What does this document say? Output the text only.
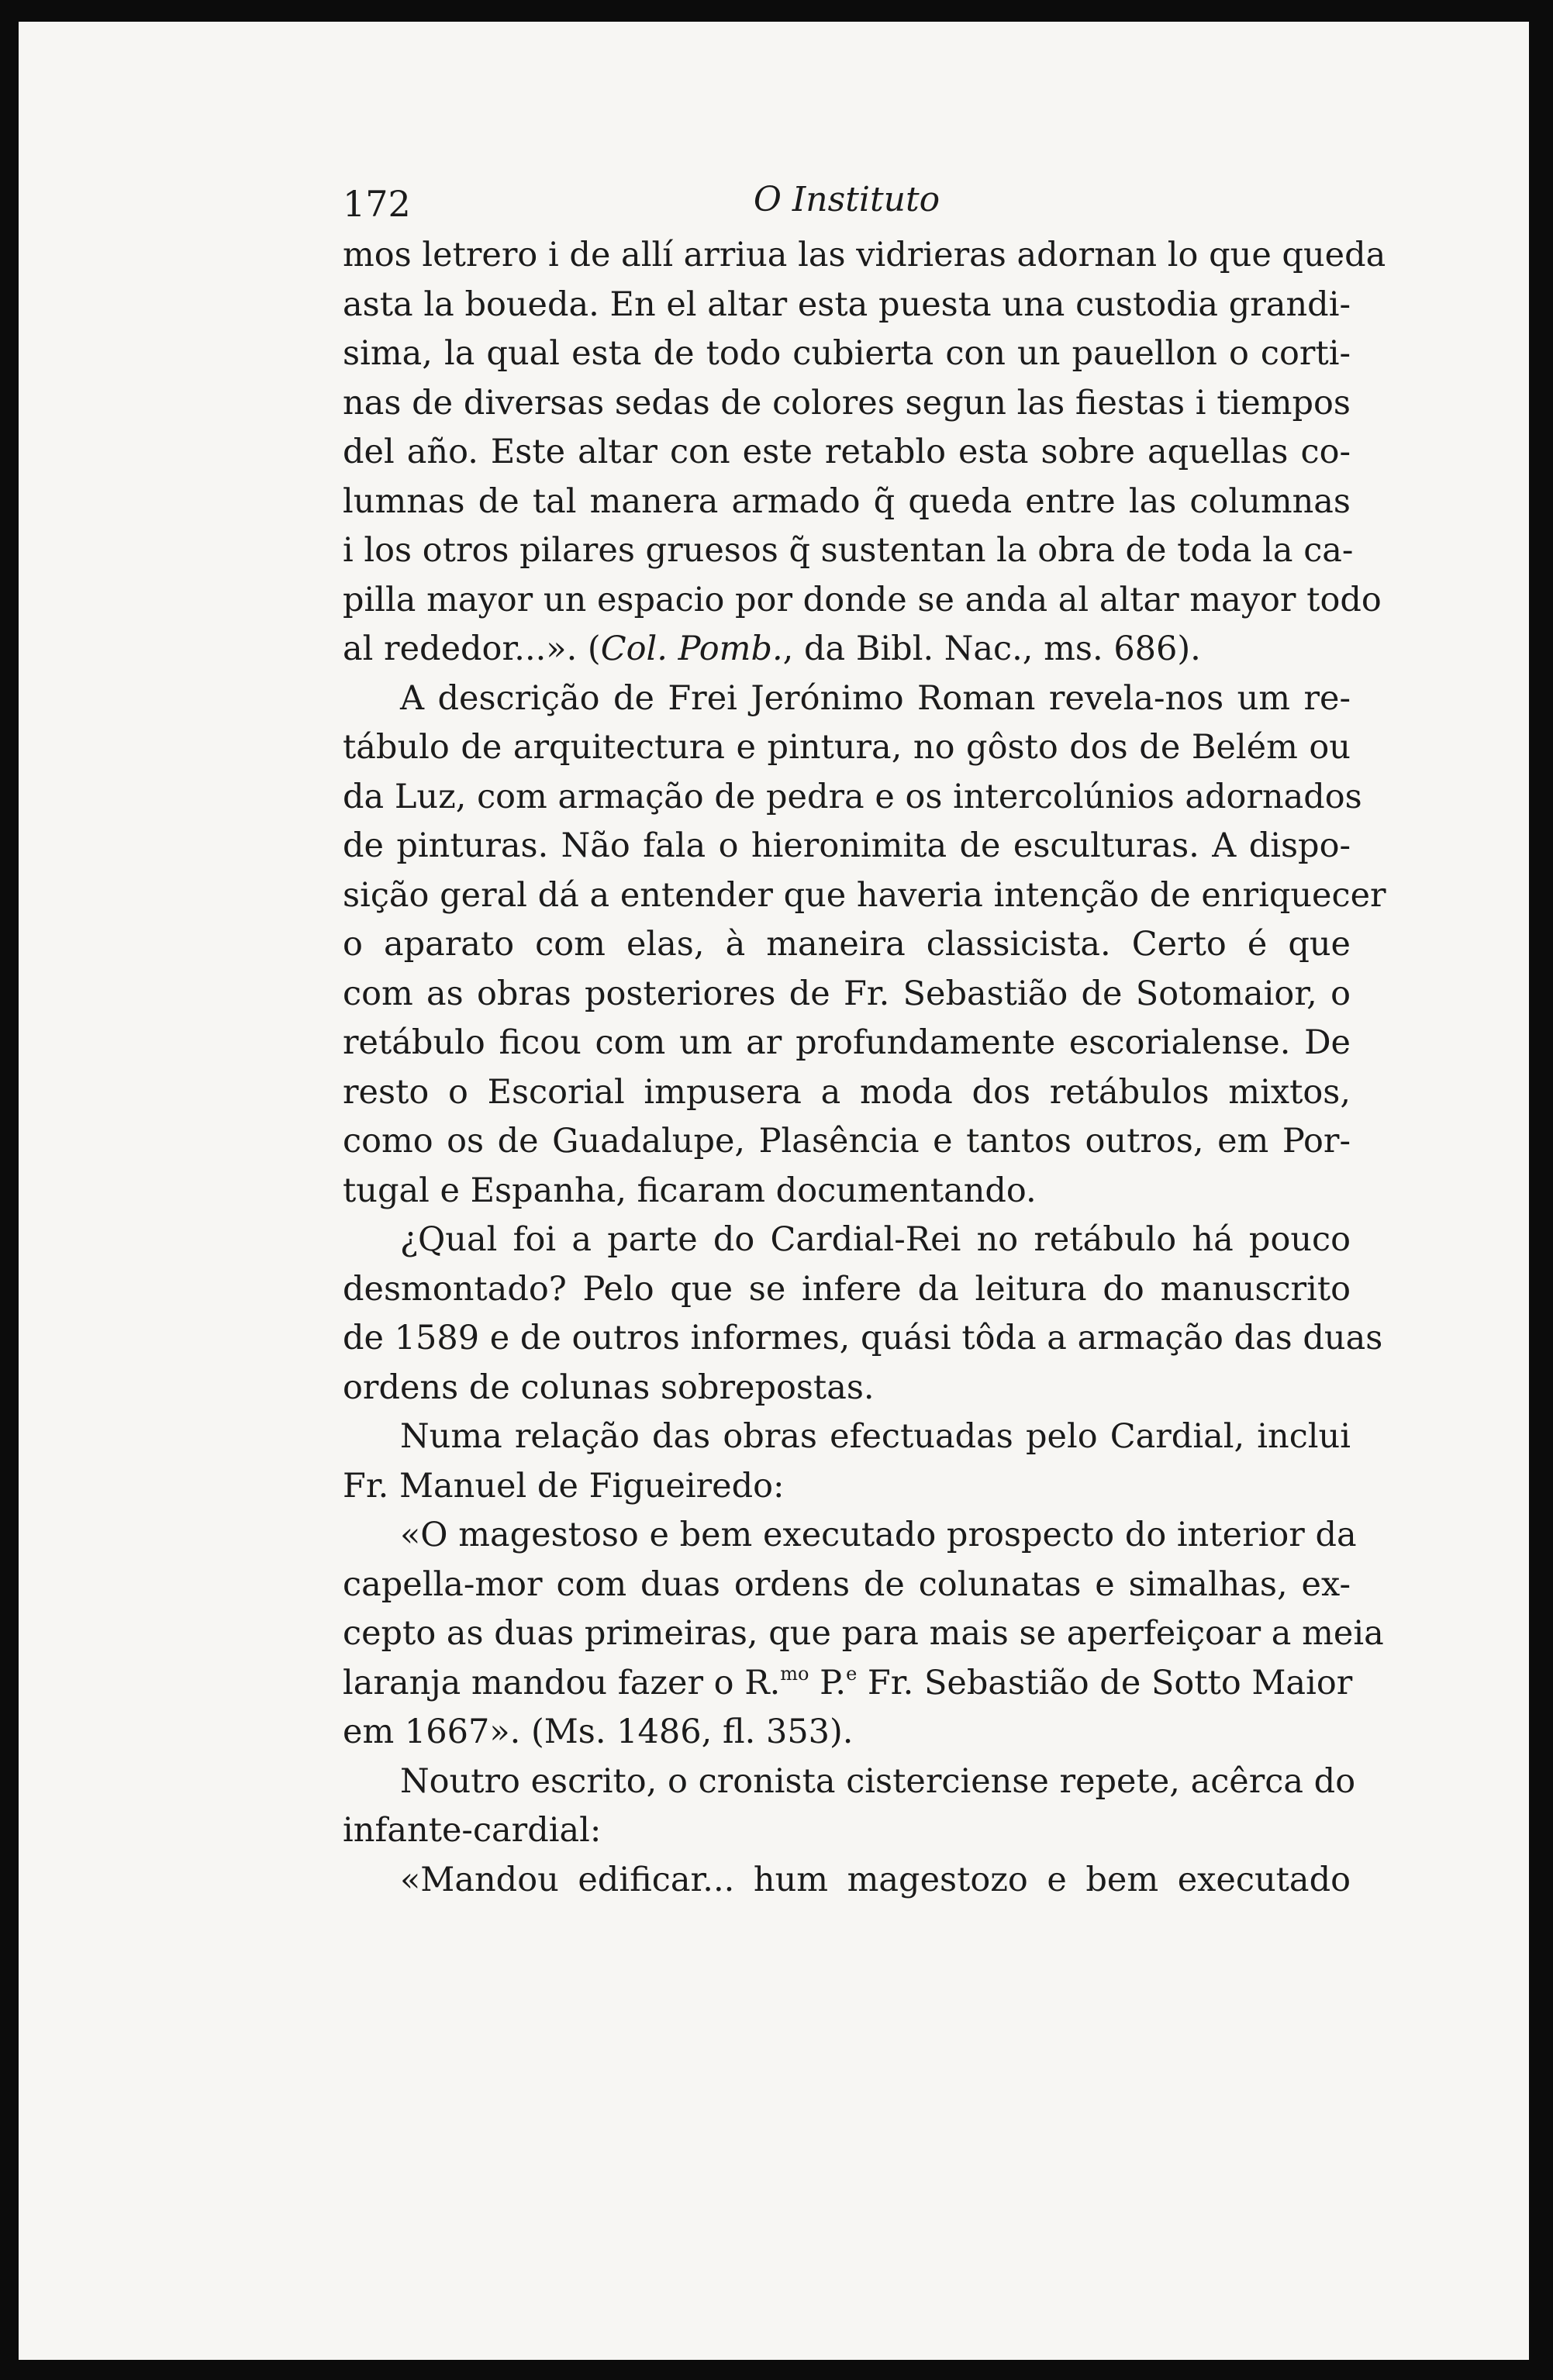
172	O Instituto
mos letrero i de allí arriua las vidrieras adornan lo que queda
asta la boueda. En el altar esta puesta una custodia grandi-
sima, la qual esta de todo cubierta con un pauellon o corti-
nas de diversas sedas de colores segun las fiestas i tiempos
del año. Este altar con este retablo esta sobre aquellas co-
lumnas de tal manera armado q̃ queda entre las columnas
i los otros pilares gruesos q̃ sustentan la obra de toda la ca-
pilla mayor un espacio por donde se anda al altar mayor todo
al rededor...». (Col. Pomb., da Bibl. Nac., ms. 686).
A descrição de Frei Jerónimo Roman revela-nos um re-
tábulo de arquitectura e pintura, no gôsto dos de Belém ou
da Luz, com armação de pedra e os intercolúnios adornados
de pinturas. Não fala o hieronimita de esculturas. A dispo-
sição geral dá a entender que haveria intenção de enriquecer
o aparato com elas, à maneira classicista. Certo é que
com as obras posteriores de Fr. Sebastião de Sotomaior, o
retábulo ficou com um ar profundamente escorialense. De
resto o Escorial impusera a moda dos retábulos mixtos,
como os de Guadalupe, Plasência e tantos outros, em Por-
tugal e Espanha, ficaram documentando.
¿Qual foi a parte do Cardial-Rei no retábulo há pouco
desmontado? Pelo que se infere da leitura do manuscrito
de 1589 e de outros informes, quási tôda a armação das duas
ordens de colunas sobrepostas.
Numa relação das obras efectuadas pelo Cardial, inclui
Fr. Manuel de Figueiredo:
«O magestoso e bem executado prospecto do interior da
capella-mor com duas ordens de colunatas e simalhas, ex-
cepto as duas primeiras, que para mais se aperfeiçoar a meia
laranja mandou fazer o R.$^{mo}$ P.$^e$ Fr. Sebastião de Sotto Maior
em 1667». (Ms. 1486, fl. 353).
Noutro escrito, o cronista cisterciense repete, acêrca do
infante-cardial:
«Mandou edificar... hum magestozo e bem executado
